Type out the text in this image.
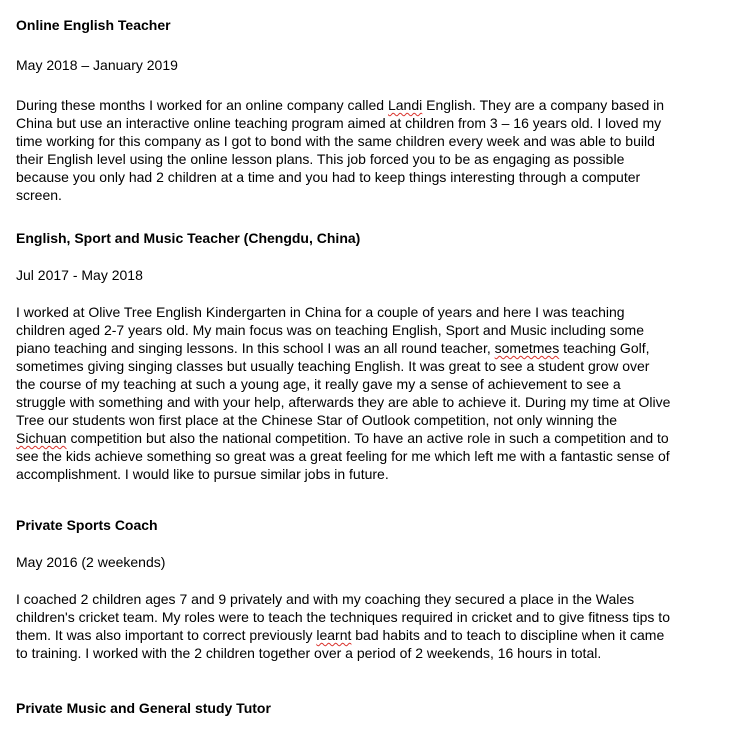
Online English Teacher
May 2018 – January 2019
During these months I worked for an online company called Landi English. They are a company based in
China but use an interactive online teaching program aimed at children from 3 – 16 years old. I loved my
time working for this company as I got to bond with the same children every week and was able to build
their English level using the online lesson plans. This job forced you to be as engaging as possible
because you only had 2 children at a time and you had to keep things interesting through a computer
screen.
English, Sport and Music Teacher (Chengdu, China)
Jul 2017 - May 2018
I worked at Olive Tree English Kindergarten in China for a couple of years and here I was teaching
children aged 2-7 years old. My main focus was on teaching English, Sport and Music including some
piano teaching and singing lessons. In this school I was an all round teacher, sometmes teaching Golf,
sometimes giving singing classes but usually teaching English. It was great to see a student grow over
the course of my teaching at such a young age, it really gave my a sense of achievement to see a
struggle with something and with your help, afterwards they are able to achieve it. During my time at Olive
Tree our students won first place at the Chinese Star of Outlook competition, not only winning the
Sichuan competition but also the national competition. To have an active role in such a competition and to
see the kids achieve something so great was a great feeling for me which left me with a fantastic sense of
accomplishment. I would like to pursue similar jobs in future.
Private Sports Coach
May 2016 (2 weekends)
I coached 2 children ages 7 and 9 privately and with my coaching they secured a place in the Wales
children's cricket team. My roles were to teach the techniques required in cricket and to give fitness tips to
them. It was also important to correct previously learnt bad habits and to teach to discipline when it came
to training. I worked with the 2 children together over a period of 2 weekends, 16 hours in total.
Private Music and General study Tutor
